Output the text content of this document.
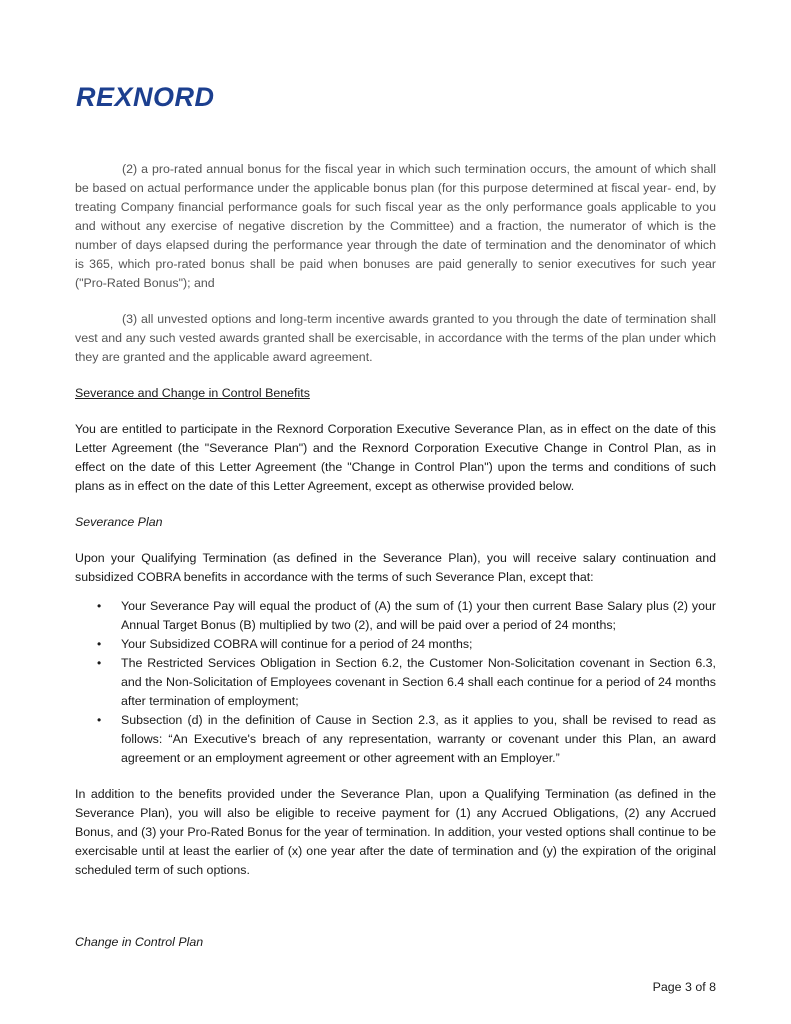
REXNORD

(2) a pro-rated annual bonus for the fiscal year in which such termination occurs, the amount of which shall be based on actual performance under the applicable bonus plan (for this purpose determined at fiscal year- end, by treating Company financial performance goals for such fiscal year as the only performance goals applicable to you and without any exercise of negative discretion by the Committee) and a fraction, the numerator of which is the number of days elapsed during the performance year through the date of termination and the denominator of which is 365, which pro-rated bonus shall be paid when bonuses are paid generally to senior executives for such year ("Pro-Rated Bonus"); and

(3) all unvested options and long-term incentive awards granted to you through the date of termination shall vest and any such vested awards granted shall be exercisable, in accordance with the terms of the plan under which they are granted and the applicable award agreement.

Severance and Change in Control Benefits

You are entitled to participate in the Rexnord Corporation Executive Severance Plan, as in effect on the date of this Letter Agreement (the "Severance Plan") and the Rexnord Corporation Executive Change in Control Plan, as in effect on the date of this Letter Agreement (the "Change in Control Plan") upon the terms and conditions of such plans as in effect on the date of this Letter Agreement, except as otherwise provided below.

Severance Plan

Upon your Qualifying Termination (as defined in the Severance Plan), you will receive salary continuation and subsidized COBRA benefits in accordance with the terms of such Severance Plan, except that:

• Your Severance Pay will equal the product of (A) the sum of (1) your then current Base Salary plus (2) your Annual Target Bonus (B) multiplied by two (2), and will be paid over a period of 24 months;
• Your Subsidized COBRA will continue for a period of 24 months;
• The Restricted Services Obligation in Section 6.2, the Customer Non-Solicitation covenant in Section 6.3, and the Non-Solicitation of Employees covenant in Section 6.4 shall each continue for a period of 24 months after termination of employment;
• Subsection (d) in the definition of Cause in Section 2.3, as it applies to you, shall be revised to read as follows: “An Executive's breach of any representation, warranty or covenant under this Plan, an award agreement or an employment agreement or other agreement with an Employer.”

In addition to the benefits provided under the Severance Plan, upon a Qualifying Termination (as defined in the Severance Plan), you will also be eligible to receive payment for (1) any Accrued Obligations, (2) any Accrued Bonus, and (3) your Pro-Rated Bonus for the year of termination. In addition, your vested options shall continue to be exercisable until at least the earlier of (x) one year after the date of termination and (y) the expiration of the original scheduled term of such options.

Change in Control Plan
Page 3 of 8
